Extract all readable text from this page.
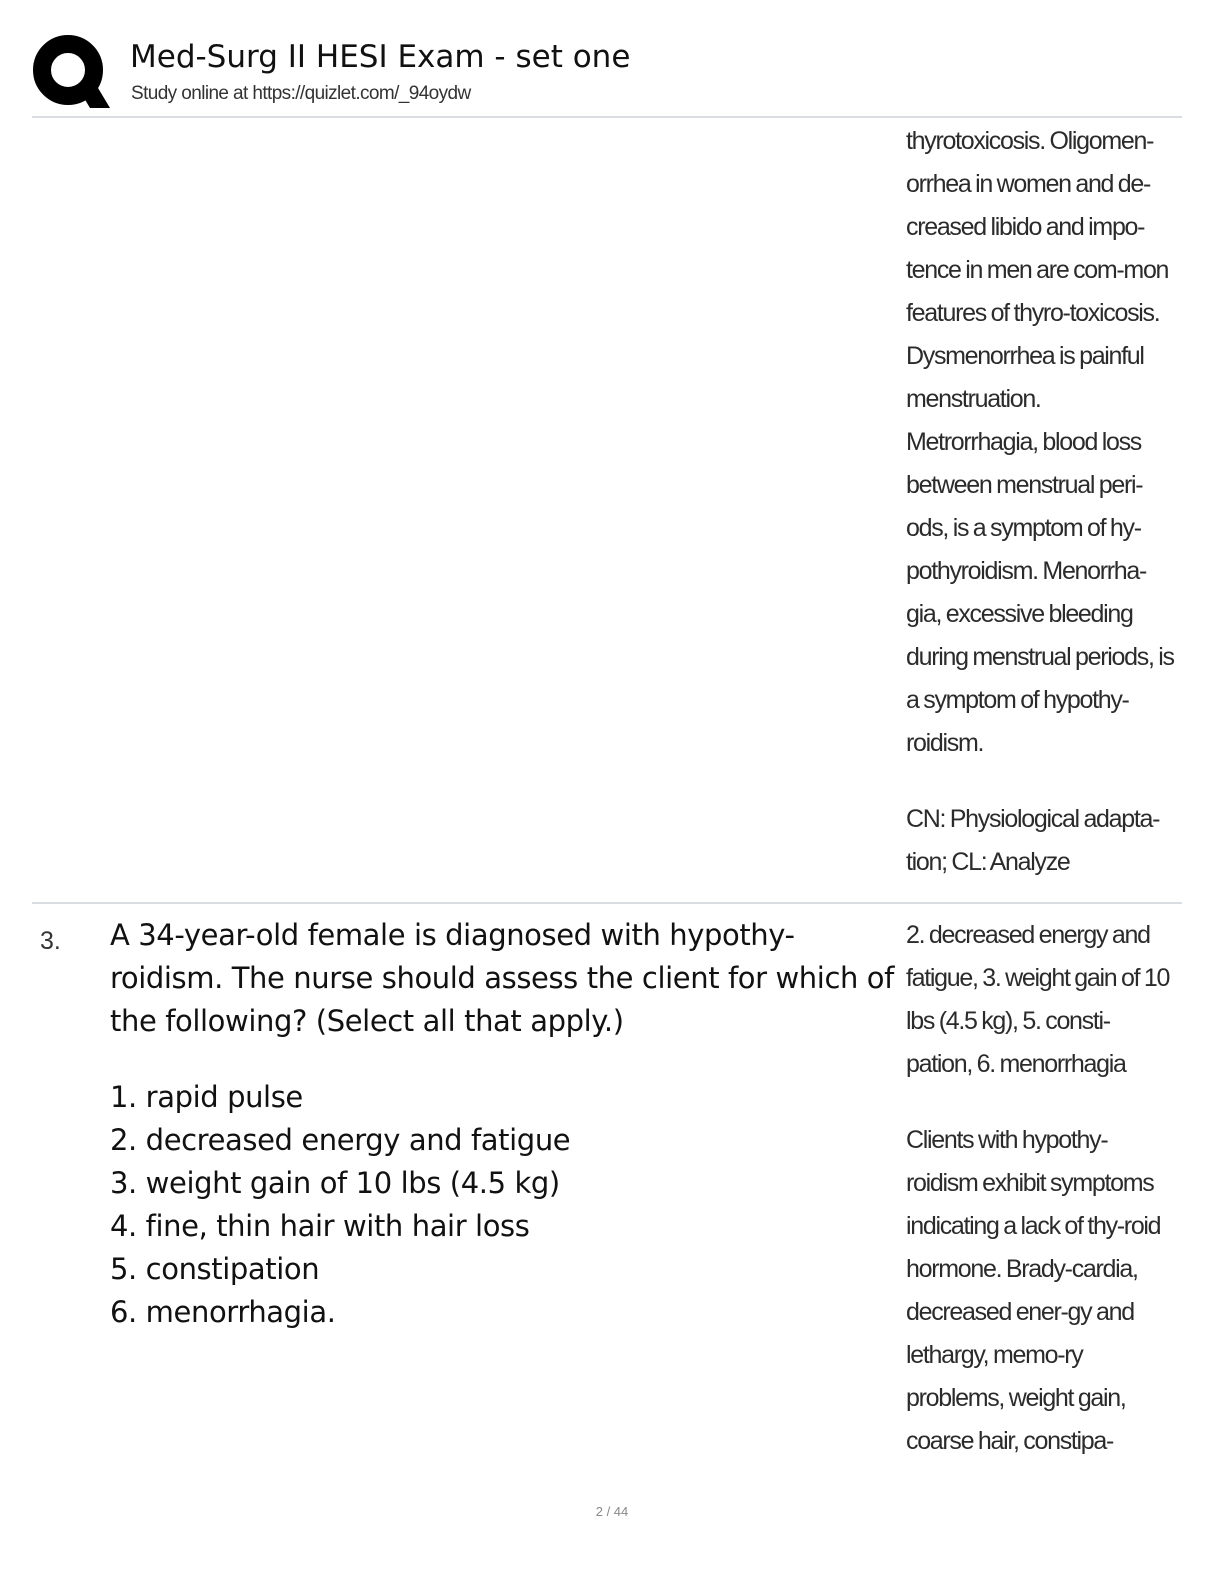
Med-Surg II HESI Exam - set one
Study online at https://quizlet.com/_94oydw

thyrotoxicosis. Oligomen-orrhea in women and de-creased libido and impo-tence in men are com-mon features of thyro-toxicosis. Dysmenorrhea is painful menstruation. Metrorrhagia, blood loss between menstrual peri-ods, is a symptom of hy-pothyroidism. Menorrha-gia, excessive bleeding during menstrual periods, is a symptom of hypothy-roidism.

CN: Physiological adapta-tion; CL: Analyze

3. A 34-year-old female is diagnosed with hypothy-roidism. The nurse should assess the client for which of the following? (Select all that apply.)

1. rapid pulse
2. decreased energy and fatigue
3. weight gain of 10 lbs (4.5 kg)
4. fine, thin hair with hair loss
5. constipation
6. menorrhagia.

2. decreased energy and fatigue, 3. weight gain of 10 lbs (4.5 kg), 5. consti-pation, 6. menorrhagia

Clients with hypothy-roidism exhibit symptoms indicating a lack of thy-roid hormone. Brady-cardia, decreased ener-gy and lethargy, memo-ry problems, weight gain, coarse hair, constipa-

2 / 44
